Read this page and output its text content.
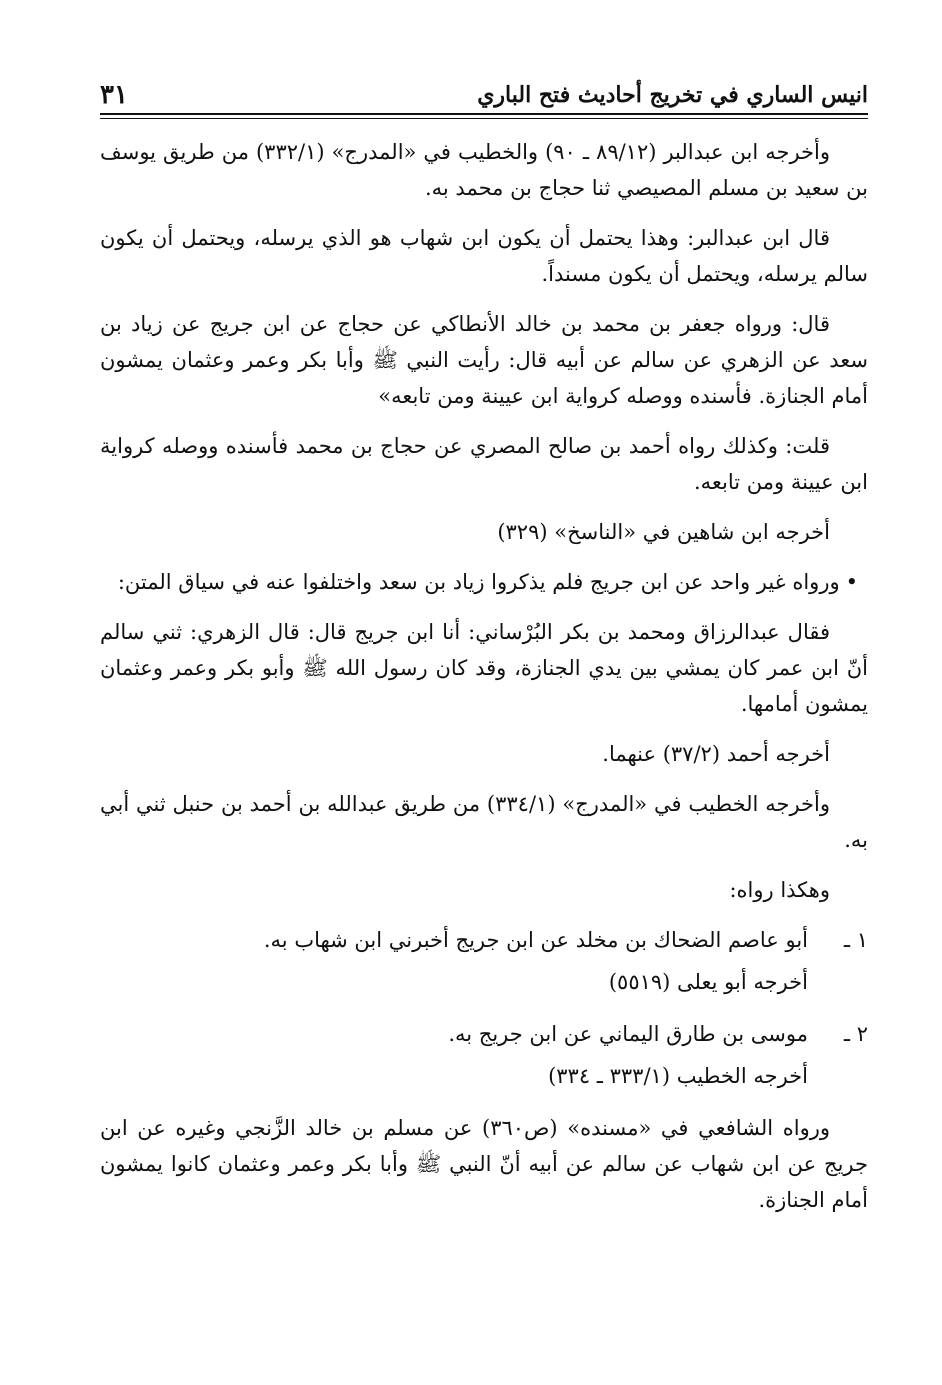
انيس الساري في تخريج أحاديث فتح الباري
٣١

وأخرجه ابن عبدالبر (٨٩/١٢ ـ ٩٠) والخطيب في «المدرج» (٣٣٢/١) من طريق يوسف بن سعيد بن مسلم المصيصي ثنا حجاج بن محمد به.

قال ابن عبدالبر: وهذا يحتمل أن يكون ابن شهاب هو الذي يرسله، ويحتمل أن يكون سالم يرسله، ويحتمل أن يكون مسنداً.

قال: ورواه جعفر بن محمد بن خالد الأنطاكي عن حجاج عن ابن جريج عن زياد بن سعد عن الزهري عن سالم عن أبيه قال: رأيت النبي ﷺ وأبا بكر وعمر وعثمان يمشون أمام الجنازة. فأسنده ووصله كرواية ابن عيينة ومن تابعه»

قلت: وكذلك رواه أحمد بن صالح المصري عن حجاج بن محمد فأسنده ووصله كرواية ابن عيينة ومن تابعه.

أخرجه ابن شاهين في «الناسخ» (٣٢٩)

•ورواه غير واحد عن ابن جريج فلم يذكروا زياد بن سعد واختلفوا عنه في سياق المتن:

فقال عبدالرزاق ومحمد بن بكر البُرْساني: أنا ابن جريج قال: قال الزهري: ثني سالم أنّ ابن عمر كان يمشي بين يدي الجنازة، وقد كان رسول الله ﷺ وأبو بكر وعمر وعثمان يمشون أمامها.

أخرجه أحمد (٣٧/٢) عنهما.

وأخرجه الخطيب في «المدرج» (٣٣٤/١) من طريق عبدالله بن أحمد بن حنبل ثني أبي به.

وهكذا رواه:

١ ـ
أبو عاصم الضحاك بن مخلد عن ابن جريج أخبرني ابن شهاب به.

أخرجه أبو يعلى (٥٥١٩)

٢ ـ
موسى بن طارق اليماني عن ابن جريج به.

أخرجه الخطيب (٣٣٣/١ ـ ٣٣٤)

ورواه الشافعي في «مسنده» (ص٣٦٠) عن مسلم بن خالد الزَّنجي وغيره عن ابن جريج عن ابن شهاب عن سالم عن أبيه أنّ النبي ﷺ وأبا بكر وعمر وعثمان كانوا يمشون أمام الجنازة.
